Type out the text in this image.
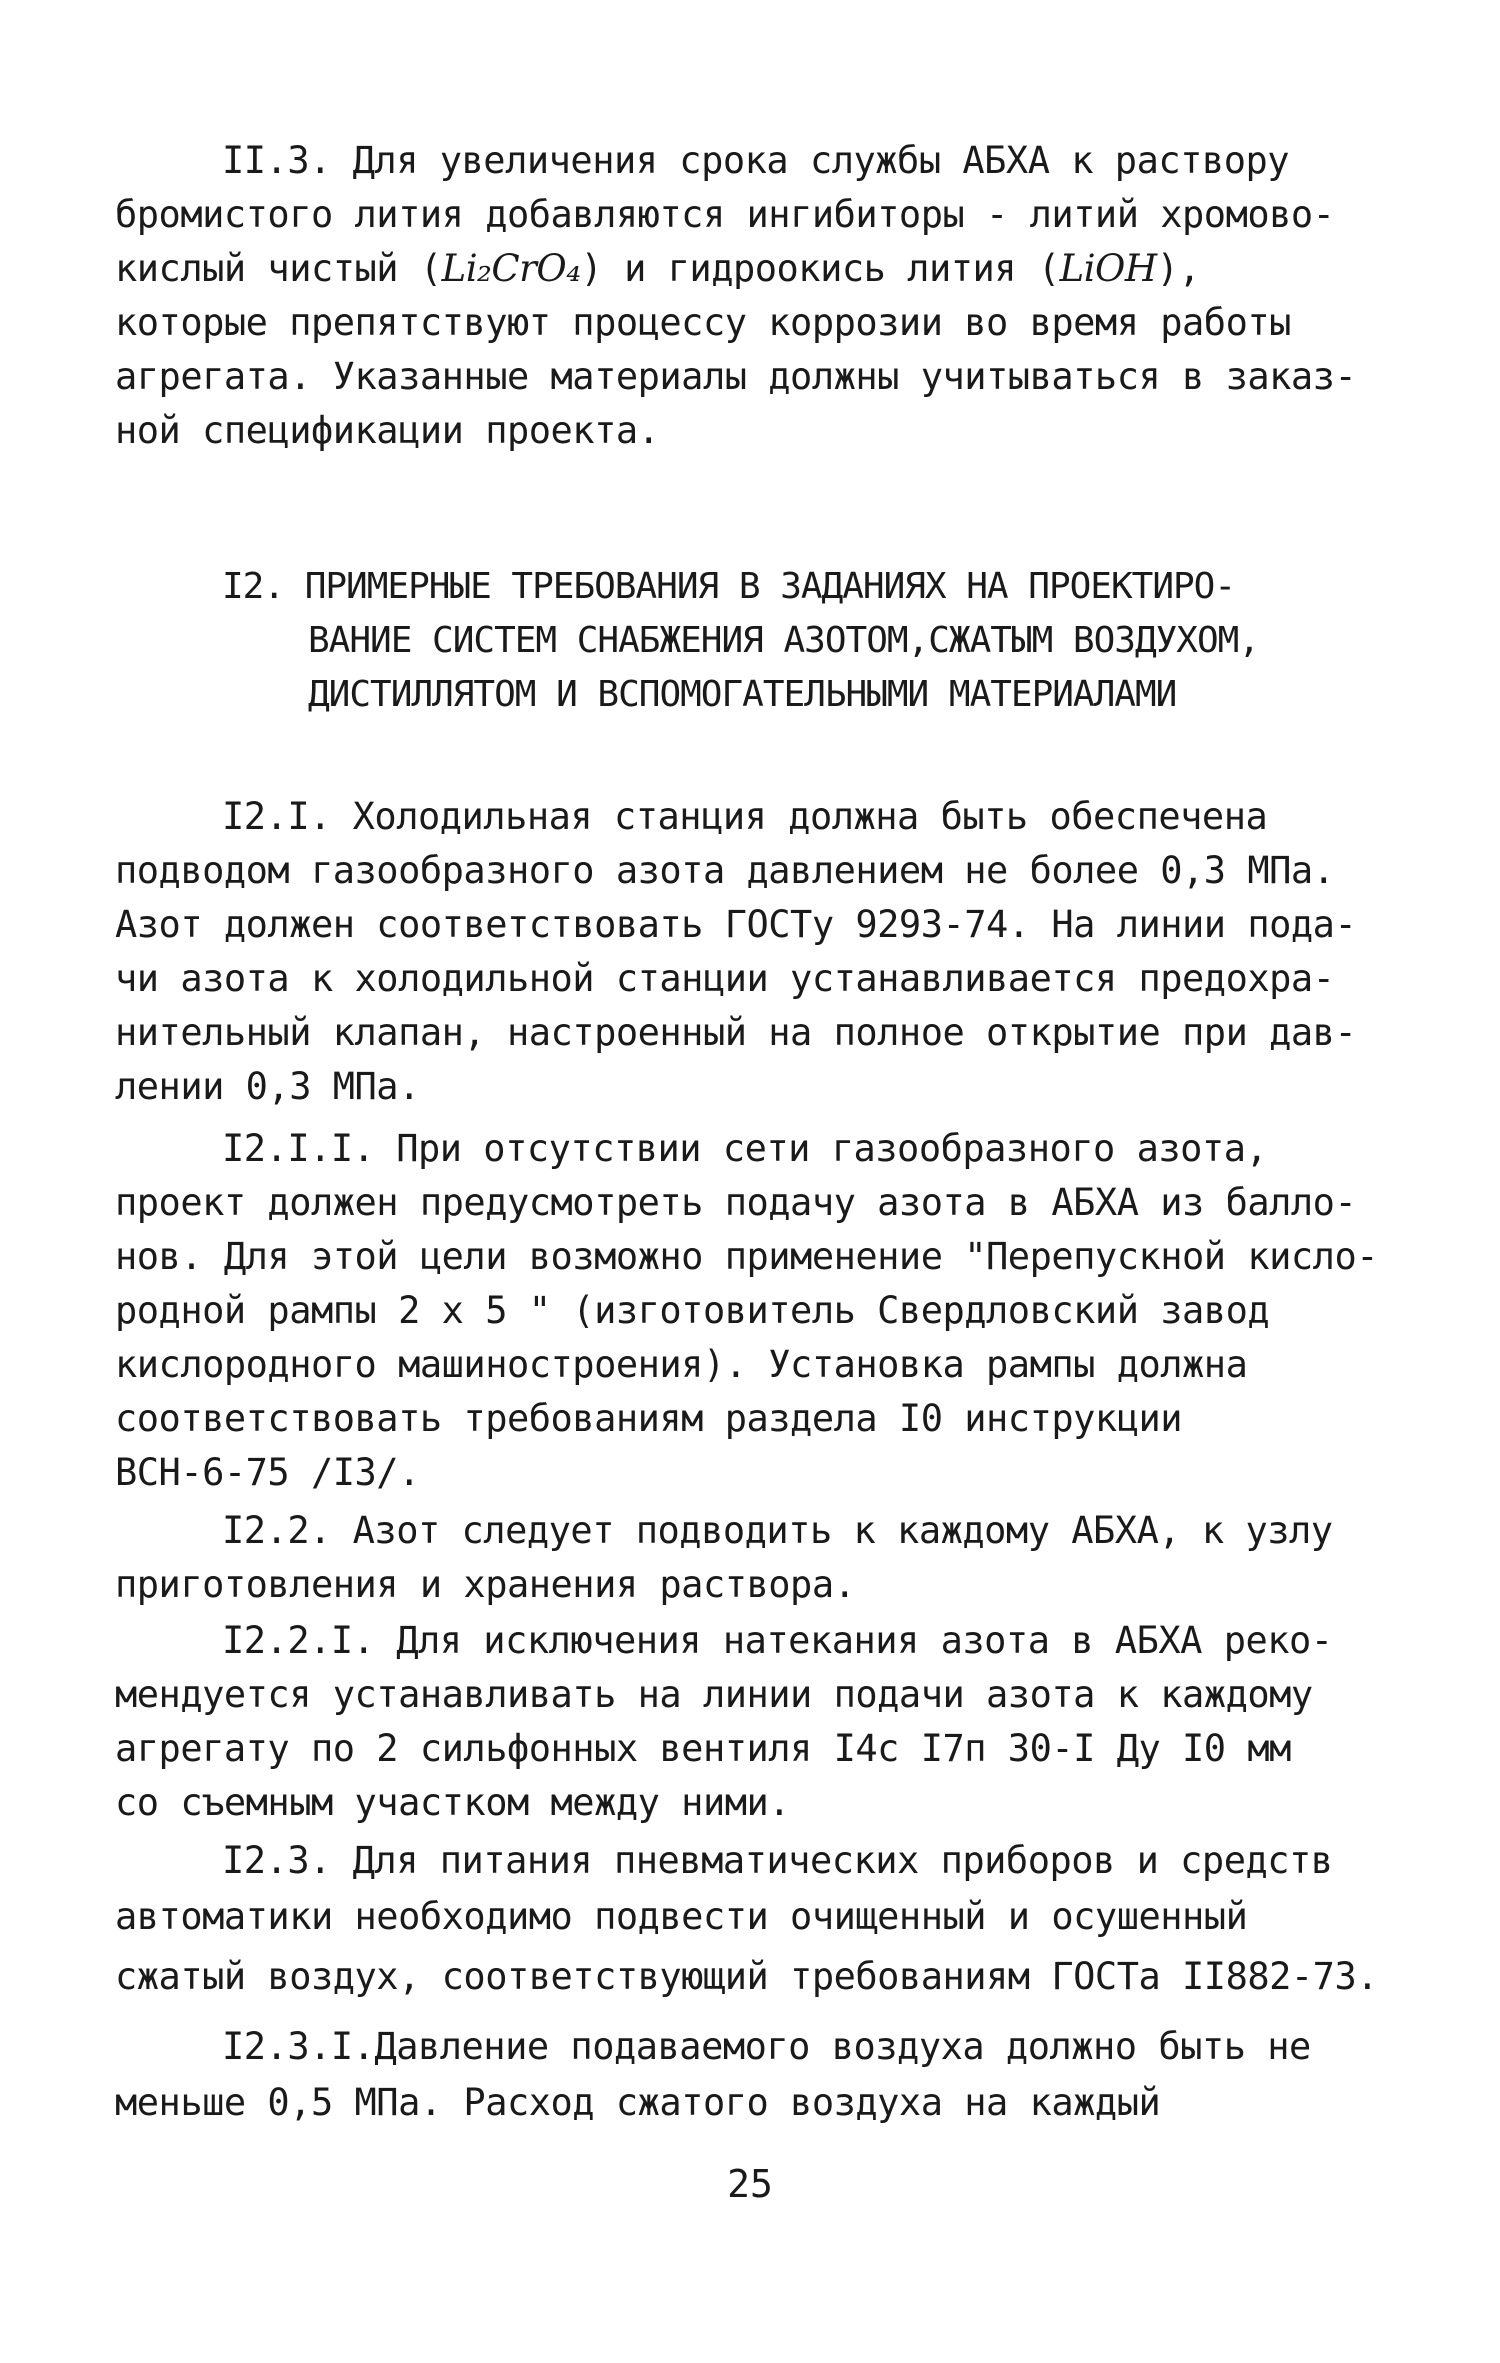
II.3. Для увеличения срока службы АБХА к раствору
бромистого лития добавляются ингибиторы - литий хромово-
кислый чистый (Li₂CrO₄) и гидроокись лития (LiOH),
которые препятствуют процессу коррозии во время работы
агрегата. Указанные материалы должны учитываться в заказ-
ной спецификации проекта.
I2. ПРИМЕРНЫЕ ТРЕБОВАНИЯ В ЗАДАНИЯХ НА ПРОЕКТИРО-
ВАНИЕ СИСТЕМ СНАБЖЕНИЯ АЗОТОМ,СЖАТЫМ ВОЗДУХОМ,
ДИСТИЛЛЯТОМ И ВСПОМОГАТЕЛЬНЫМИ МАТЕРИАЛАМИ
I2.I. Холодильная станция должна быть обеспечена
подводом газообразного азота давлением не более 0,3 МПа.
Азот должен соответствовать ГОСТу 9293-74. На линии пода-
чи азота к холодильной станции устанавливается предохра-
нительный клапан, настроенный на полное открытие при дав-
лении 0,3 МПа.
I2.I.I. При отсутствии сети газообразного азота,
проект должен предусмотреть подачу азота в АБХА из балло-
нов. Для этой цели возможно применение "Перепускной кисло-
родной рампы 2 x 5 " (изготовитель Свердловский завод
кислородного машиностроения). Установка рампы должна
соответствовать требованиям раздела I0 инструкции
ВСН-6-75 /I3/.
I2.2. Азот следует подводить к каждому АБХА, к узлу
приготовления и хранения раствора.
I2.2.I. Для исключения натекания азота в АБХА реко-
мендуется устанавливать на линии подачи азота к каждому
агрегату по 2 сильфонных вентиля I4с I7п 30-I Ду I0 мм
со съемным участком между ними.
I2.3. Для питания пневматических приборов и средств
автоматики необходимо подвести очищенный и осушенный
сжатый воздух, соответствующий требованиям ГОСТа II882-73.
I2.3.I.Давление подаваемого воздуха должно быть не
меньше 0,5 МПа. Расход сжатого воздуха на каждый
25
